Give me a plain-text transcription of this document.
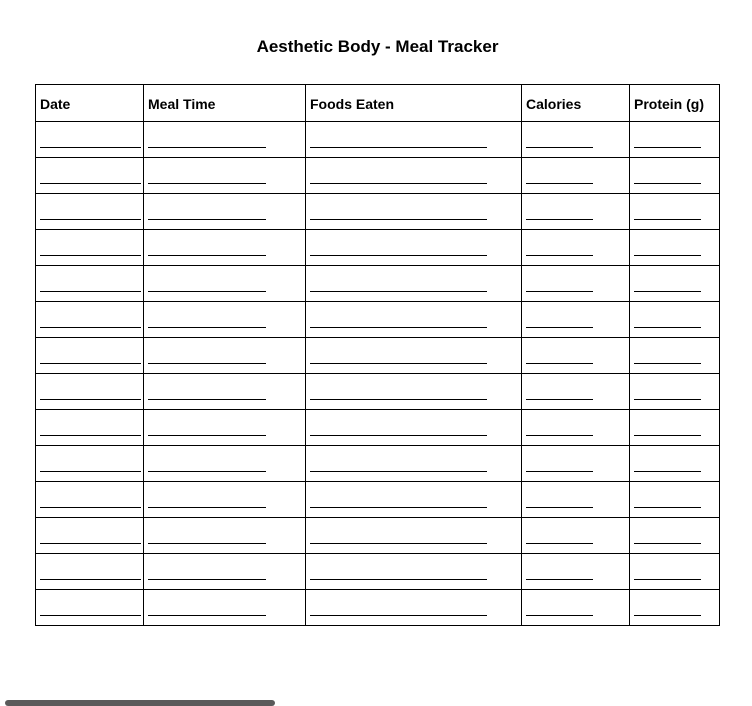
Aesthetic Body - Meal Tracker
Date	Meal Time	Foods Eaten	Calories	Protein (g)
